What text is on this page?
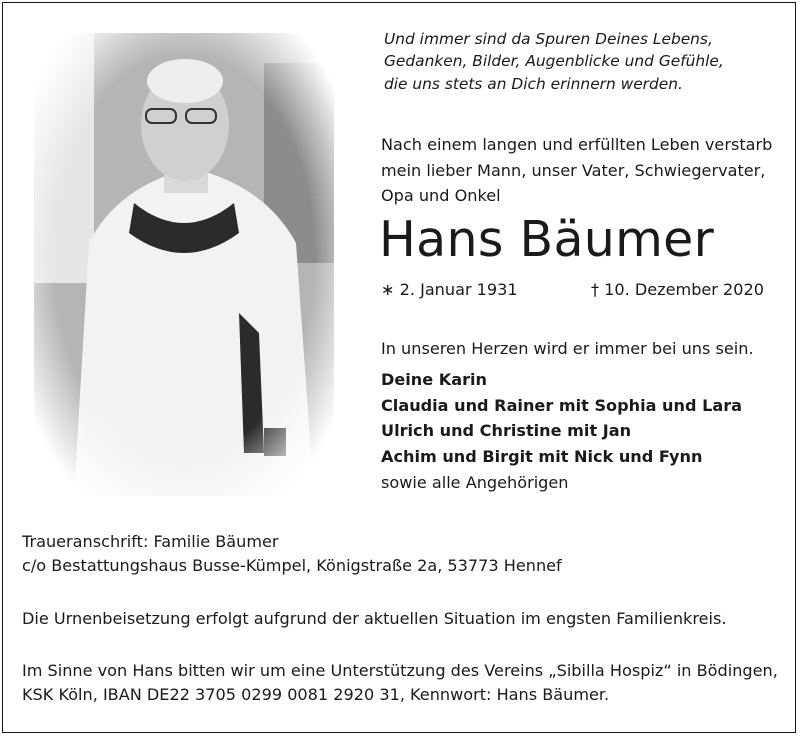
Und immer sind da Spuren Deines Lebens,
Gedanken, Bilder, Augenblicke und Gefühle,
die uns stets an Dich erinnern werden.
Nach einem langen und erfüllten Leben verstarb
mein lieber Mann, unser Vater, Schwiegervater,
Opa und Onkel
Hans Bäumer
∗ 2. Januar 1931	† 10. Dezember 2020
In unseren Herzen wird er immer bei uns sein.
Deine Karin
Claudia und Rainer mit Sophia und Lara
Ulrich und Christine mit Jan
Achim und Birgit mit Nick und Fynn
sowie alle Angehörigen
Traueranschrift: Familie Bäumer
c/o Bestattungshaus Busse-Kümpel, Königstraße 2a, 53773 Hennef
Die Urnenbeisetzung erfolgt aufgrund der aktuellen Situation im engsten Familienkreis.
Im Sinne von Hans bitten wir um eine Unterstützung des Vereins „Sibilla Hospiz“ in Bödingen,
KSK Köln, IBAN DE22 3705 0299 0081 2920 31, Kennwort: Hans Bäumer.
